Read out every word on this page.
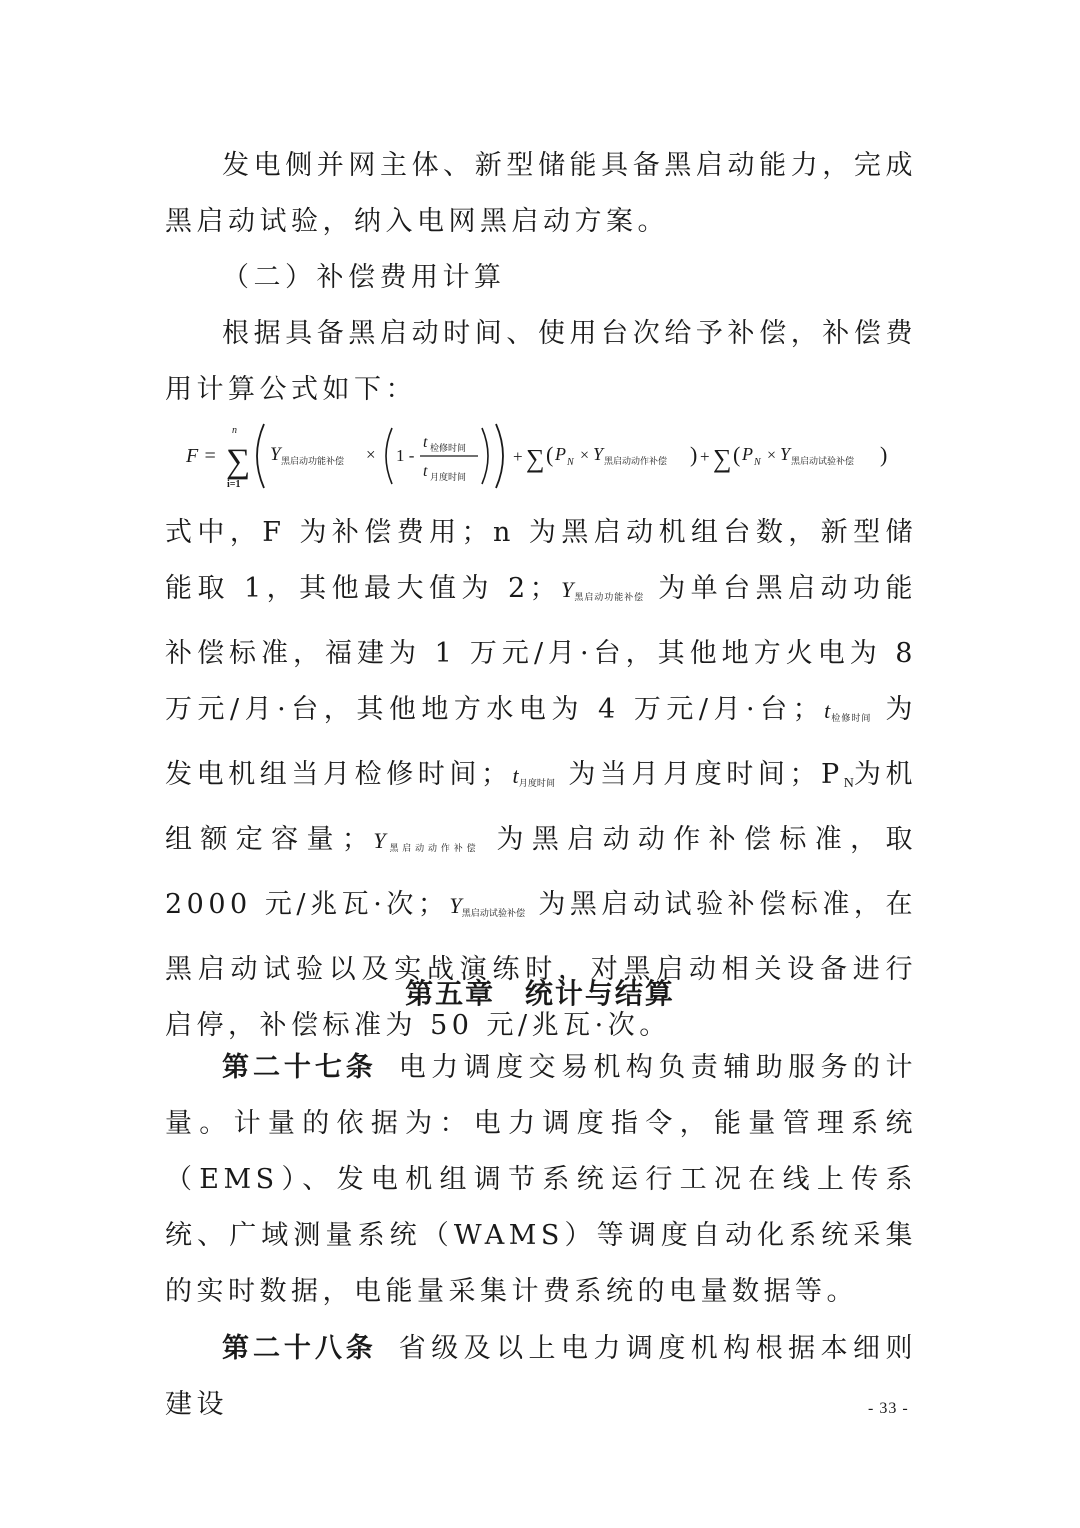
发电侧并网主体、新型储能具备黑启动能力，完成黑启动试验，纳入电网黑启动方案。

（二）补偿费用计算

根据具备黑启动时间、使用台次给予补偿，补偿费用计算公式如下：

F = ∑
n
i=1
Y 黑启动功能补偿 × 1 -
t 检修时间
t 月度时间
+ ∑ ( P N × Y 黑启动动作补偿 ) + ∑ ( P N × Y 黑启动试验补偿 )

式中，F 为补偿费用；n 为黑启动机组台数，新型储能取 1，其他最大值为 2；$Y_{黑启动功能补偿}$ 为单台黑启动功能补偿标准，福建为 1 万元/月·台，其他地方火电为 8 万元/月·台，其他地方水电为 4 万元/月·台；$t_{检修时间}$ 为发电机组当月检修时间；$t_{月度时间}$ 为当月月度时间；PN为机组额定容量；$Y_{黑启动动作补偿}$ 为黑启动动作补偿标准，取 2000 元/兆瓦·次；$Y_{黑启动试验补偿}$ 为黑启动试验补偿标准，在黑启动试验以及实战演练时，对黑启动相关设备进行启停，补偿标准为 50 元/兆瓦·次。

第五章 统计与结算

第二十七条 电力调度交易机构负责辅助服务的计量。计量的依据为：电力调度指令，能量管理系统（EMS）、发电机组调节系统运行工况在线上传系统、广域测量系统（WAMS）等调度自动化系统采集的实时数据，电能量采集计费系统的电量数据等。

第二十八条 省级及以上电力调度机构根据本细则建设	- 33 -
